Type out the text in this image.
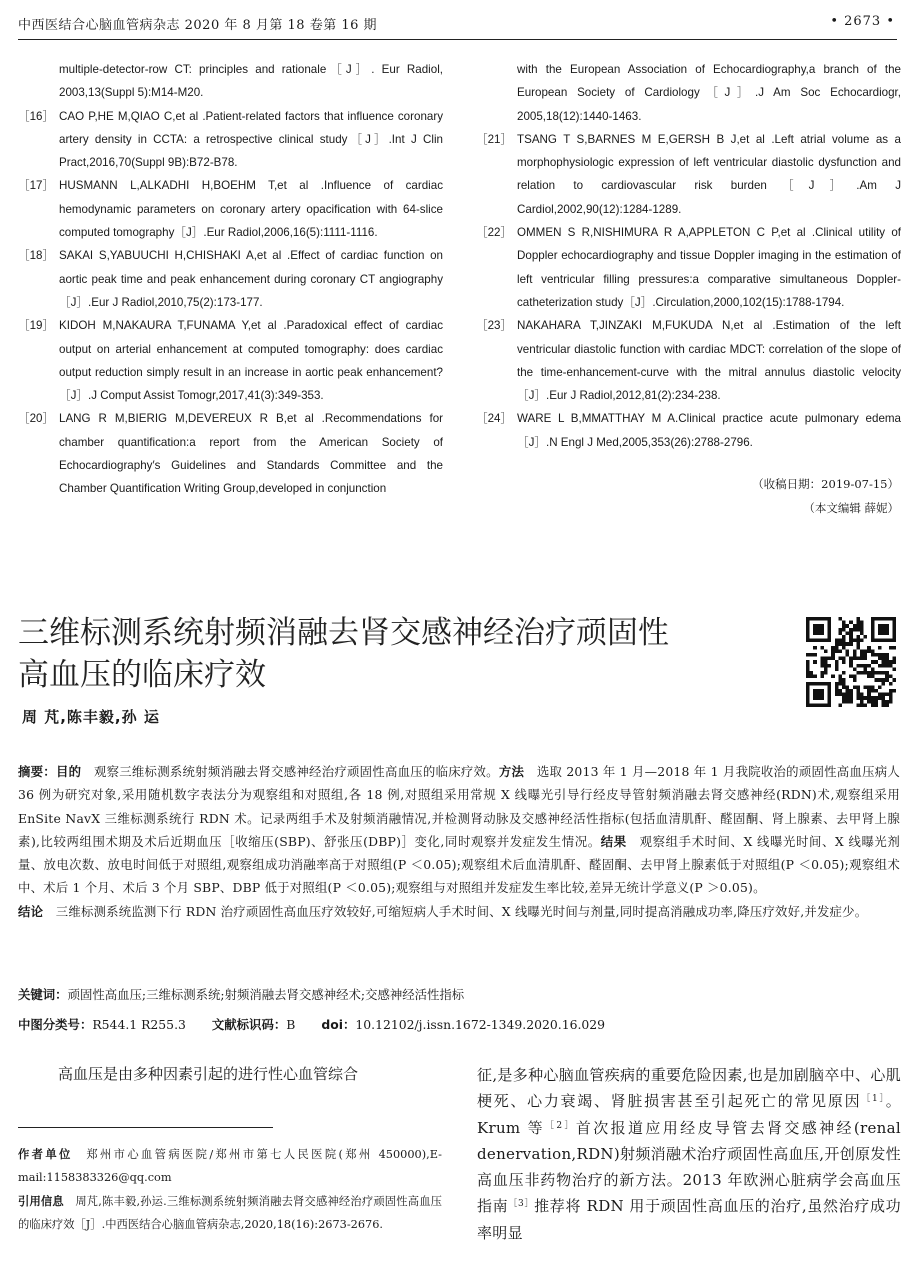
中西医结合心脑血管病杂志 2020 年 8 月第 18 卷第 16 期	• 2673 •
multiple-detector-row CT: principles and rationale［J］. Eur Radiol, 2003,13(Suppl 5):M14-M20.
［16］ CAO P,HE M,QIAO C,et al .Patient-related factors that influence coronary artery density in CCTA: a retrospective clinical study［J］.Int J Clin Pract,2016,70(Suppl 9B):B72-B78.
［17］ HUSMANN L,ALKADHI H,BOEHM T,et al .Influence of cardiac hemodynamic parameters on coronary artery opacification with 64-slice computed tomography［J］.Eur Radiol,2006,16(5):1111-1116.
［18］ SAKAI S,YABUUCHI H,CHISHAKI A,et al .Effect of cardiac function on aortic peak time and peak enhancement during coronary CT angiography［J］.Eur J Radiol,2010,75(2):173-177.
［19］ KIDOH M,NAKAURA T,FUNAMA Y,et al .Paradoxical effect of cardiac output on arterial enhancement at computed tomography: does cardiac output reduction simply result in an increase in aortic peak enhancement?［J］.J Comput Assist Tomogr,2017,41(3):349-353.
［20］ LANG R M,BIERIG M,DEVEREUX R B,et al .Recommendations for chamber quantification:a report from the American Society of Echocardiography′s Guidelines and Standards Committee and the Chamber Quantification Writing Group,developed in conjunction
with the European Association of Echocardiography,a branch of the European Society of Cardiology［J］.J Am Soc Echocardiogr, 2005,18(12):1440-1463.
［21］ TSANG T S,BARNES M E,GERSH B J,et al .Left atrial volume as a morphophysiologic expression of left ventricular diastolic dysfunction and relation to cardiovascular risk burden［J］.Am J Cardiol,2002,90(12):1284-1289.
［22］ OMMEN S R,NISHIMURA R A,APPLETON C P,et al .Clinical utility of Doppler echocardiography and tissue Doppler imaging in the estimation of left ventricular filling pressures:a comparative simultaneous Doppler-catheterization study［J］.Circulation,2000,102(15):1788-1794.
［23］ NAKAHARA T,JINZAKI M,FUKUDA N,et al .Estimation of the left ventricular diastolic function with cardiac MDCT: correlation of the slope of the time-enhancement-curve with the mitral annulus diastolic velocity［J］.Eur J Radiol,2012,81(2):234-238.
［24］ WARE L B,MMATTHAY M A.Clinical practice acute pulmonary edema［J］.N Engl J Med,2005,353(26):2788-2796.
（收稿日期：2019-07-15）
（本文编辑 薛妮）
三维标测系统射频消融去肾交感神经治疗顽固性
高血压的临床疗效
周 芃,陈丰毅,孙 运
摘要：目的　 观察三维标测系统射频消融去肾交感神经治疗顽固性高血压的临床疗效。方法　 选取 2013 年 1 月—2018 年 1 月我院收治的顽固性高血压病人 36 例为研究对象,采用随机数字表法分为观察组和对照组,各 18 例,对照组采用常规 X 线曝光引导行经皮导管射频消融去肾交感神经(RDN)术,观察组采用 EnSite NavX 三维标测系统行 RDN 术。记录两组手术及射频消融情况,并检测肾动脉及交感神经活性指标(包括血清肌酐、醛固酮、肾上腺素、去甲肾上腺素),比较两组围术期及术后近期血压［收缩压(SBP)、舒张压(DBP)］变化,同时观察并发症发生情况。结果　 观察组手术时间、X 线曝光时间、X 线曝光剂量、放电次数、放电时间低于对照组,观察组成功消融率高于对照组(P ＜0.05);观察组术后血清肌酐、醛固酮、去甲肾上腺素低于对照组(P ＜0.05);观察组术中、术后 1 个月、术后 3 个月 SBP、DBP 低于对照组(P ＜0.05);观察组与对照组并发症发生率比较,差异无统计学意义(P ＞0.05)。
结论　 三维标测系统监测下行 RDN 治疗顽固性高血压疗效较好,可缩短病人手术时间、X 线曝光时间与剂量,同时提高消融成功率,降压疗效好,并发症少。
关键词：顽固性高血压;三维标测系统;射频消融去肾交感神经术;交感神经活性指标
中图分类号：R544.1 R255.3 文献标识码：B doi：10.12102/j.issn.1672-1349.2020.16.029
高血压是由多种因素引起的进行性心血管综合	征,是多种心脑血管疾病的重要危险因素,也是加剧脑卒中、心肌梗死、心力衰竭、肾脏损害甚至引起死亡的常见原因$^{[1]}$。Krum 等$^{[2]}$首次报道应用经皮导管去肾交感神经(renal denervation,RDN)射频消融术治疗顽固性高血压,开创原发性高血压非药物治疗的新方法。2013 年欧洲心脏病学会高血压指南$^{[3]}$推荐将 RDN 用于顽固性高血压的治疗,虽然治疗成功率明显
作者单位　 郑州市心血管病医院/郑州市第七人民医院(郑州 450000),E-mail:1158383326@qq.com
引用信息　 周芃,陈丰毅,孙运.三维标测系统射频消融去肾交感神经治疗顽固性高血压的临床疗效［J］.中西医结合心脑血管病杂志,2020,18(16):2673-2676.
